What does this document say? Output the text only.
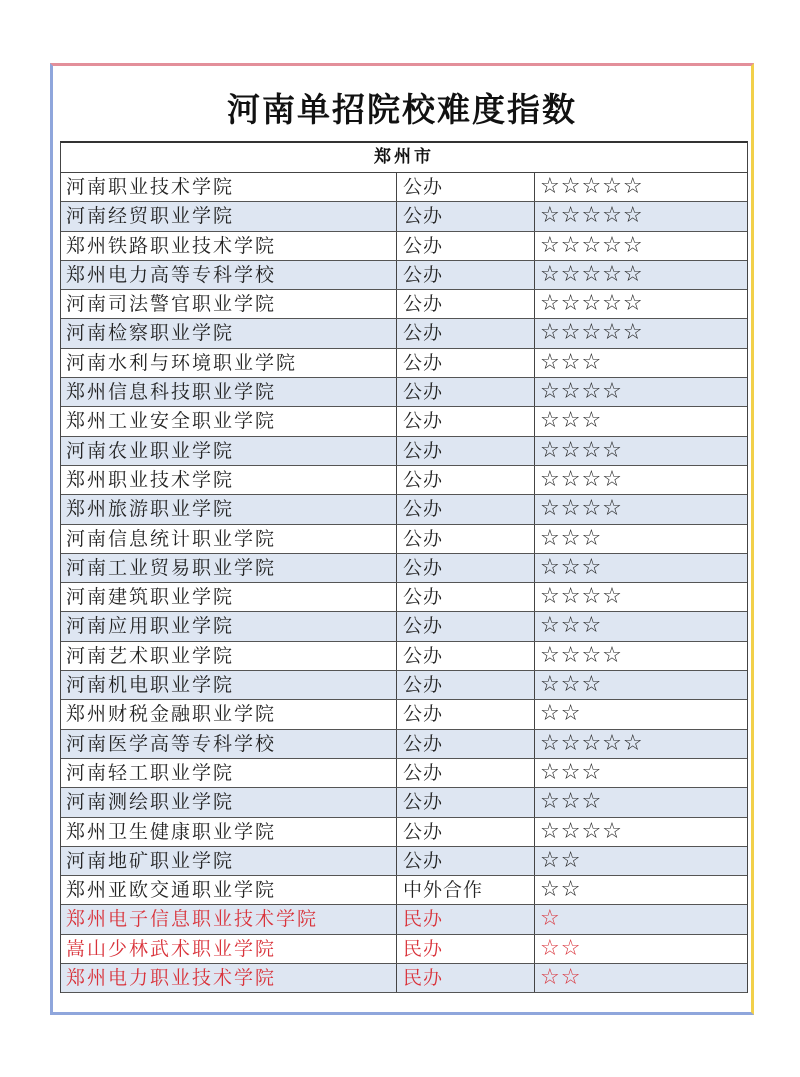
河南单招院校难度指数
郑州市
河南职业技术学院	公办	☆☆☆☆☆
河南经贸职业学院	公办	☆☆☆☆☆
郑州铁路职业技术学院	公办	☆☆☆☆☆
郑州电力高等专科学校	公办	☆☆☆☆☆
河南司法警官职业学院	公办	☆☆☆☆☆
河南检察职业学院	公办	☆☆☆☆☆
河南水利与环境职业学院	公办	☆☆☆
郑州信息科技职业学院	公办	☆☆☆☆
郑州工业安全职业学院	公办	☆☆☆
河南农业职业学院	公办	☆☆☆☆
郑州职业技术学院	公办	☆☆☆☆
郑州旅游职业学院	公办	☆☆☆☆
河南信息统计职业学院	公办	☆☆☆
河南工业贸易职业学院	公办	☆☆☆
河南建筑职业学院	公办	☆☆☆☆
河南应用职业学院	公办	☆☆☆
河南艺术职业学院	公办	☆☆☆☆
河南机电职业学院	公办	☆☆☆
郑州财税金融职业学院	公办	☆☆
河南医学高等专科学校	公办	☆☆☆☆☆
河南轻工职业学院	公办	☆☆☆
河南测绘职业学院	公办	☆☆☆
郑州卫生健康职业学院	公办	☆☆☆☆
河南地矿职业学院	公办	☆☆
郑州亚欧交通职业学院	中外合作	☆☆
郑州电子信息职业技术学院	民办	☆
嵩山少林武术职业学院	民办	☆☆
郑州电力职业技术学院	民办	☆☆
